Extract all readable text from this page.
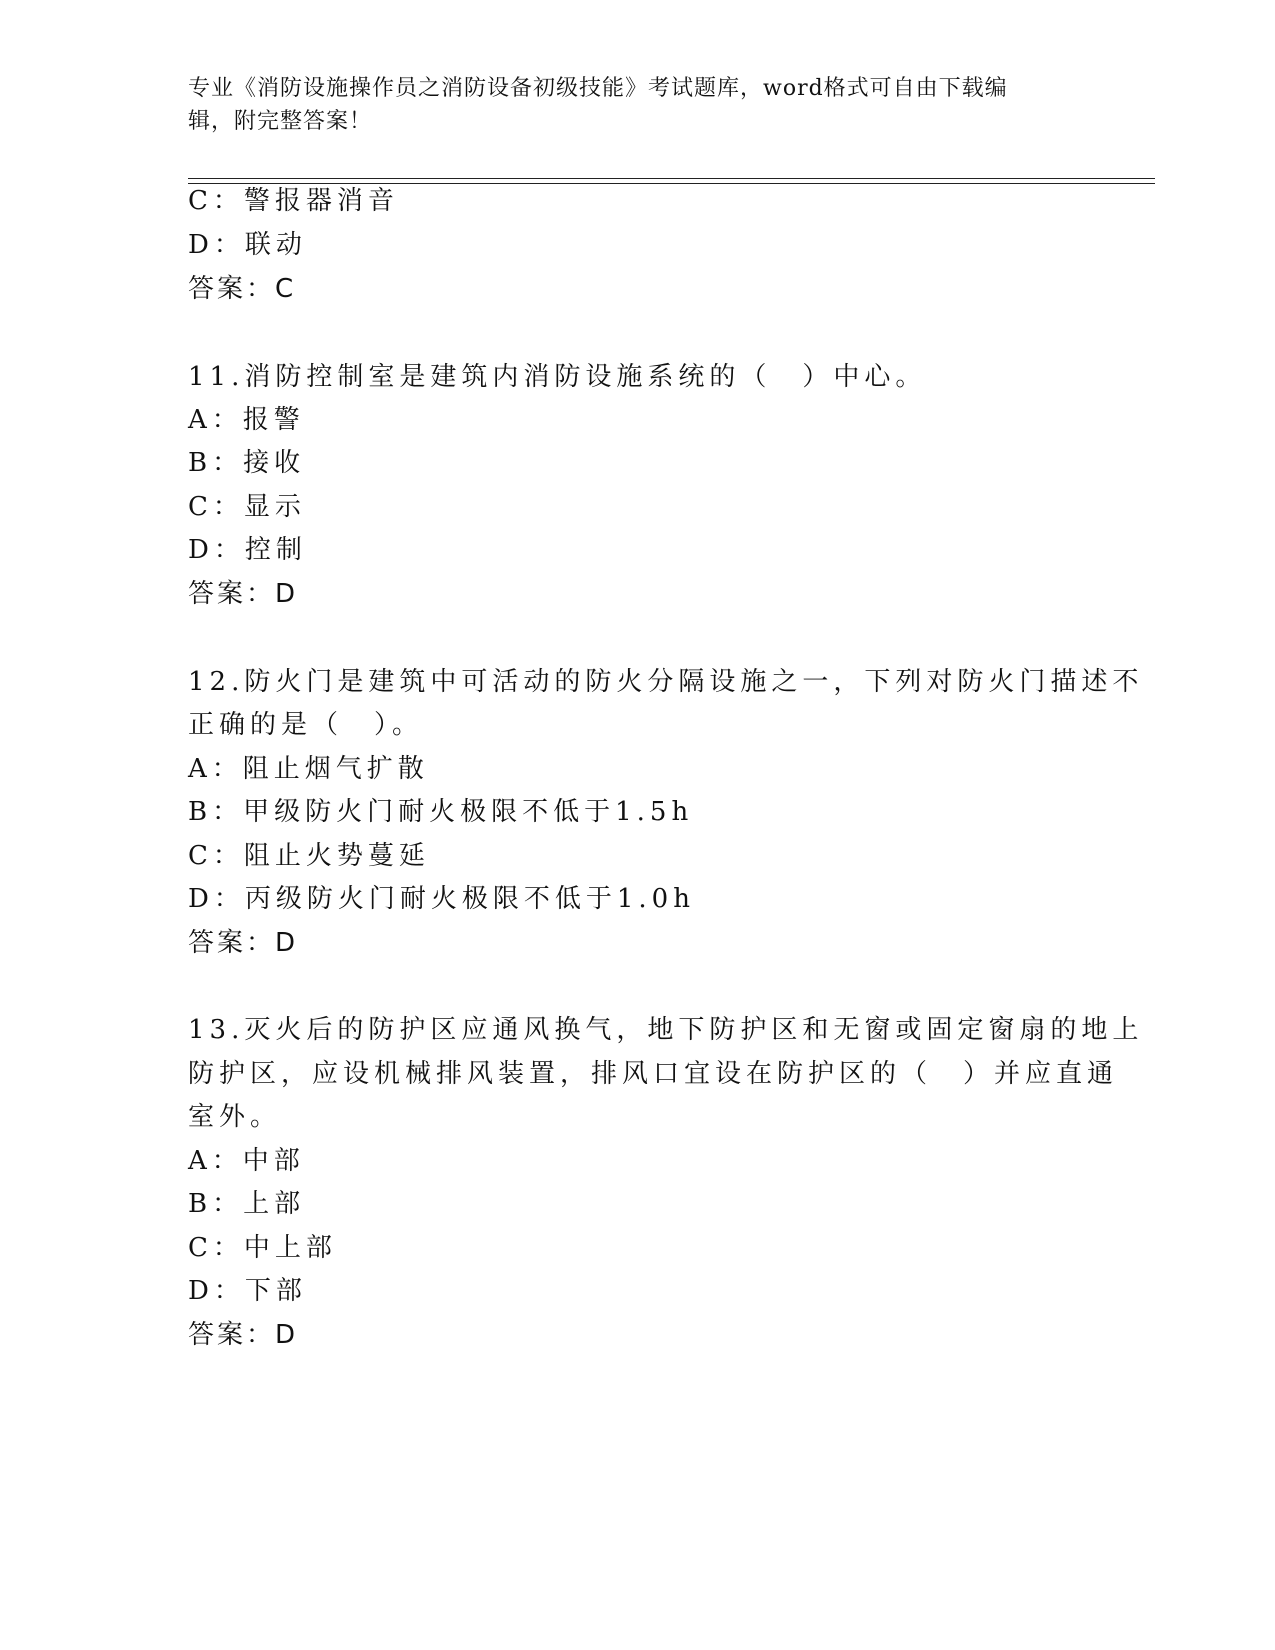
专业《消防设施操作员之消防设备初级技能》考试题库，word格式可自由下载编
辑，附完整答案！
C：警报器消音
D：联动
答案：C
11.消防控制室是建筑内消防设施系统的（　）中心。
A：报警
B：接收
C：显示
D：控制
答案：D
12.防火门是建筑中可活动的防火分隔设施之一，下列对防火门描述不
正确的是（　）。
A：阻止烟气扩散
B：甲级防火门耐火极限不低于1.5h
C：阻止火势蔓延
D：丙级防火门耐火极限不低于1.0h
答案：D
13.灭火后的防护区应通风换气，地下防护区和无窗或固定窗扇的地上
防护区，应设机械排风装置，排风口宜设在防护区的（　）并应直通
室外。
A：中部
B：上部
C：中上部
D：下部
答案：D
